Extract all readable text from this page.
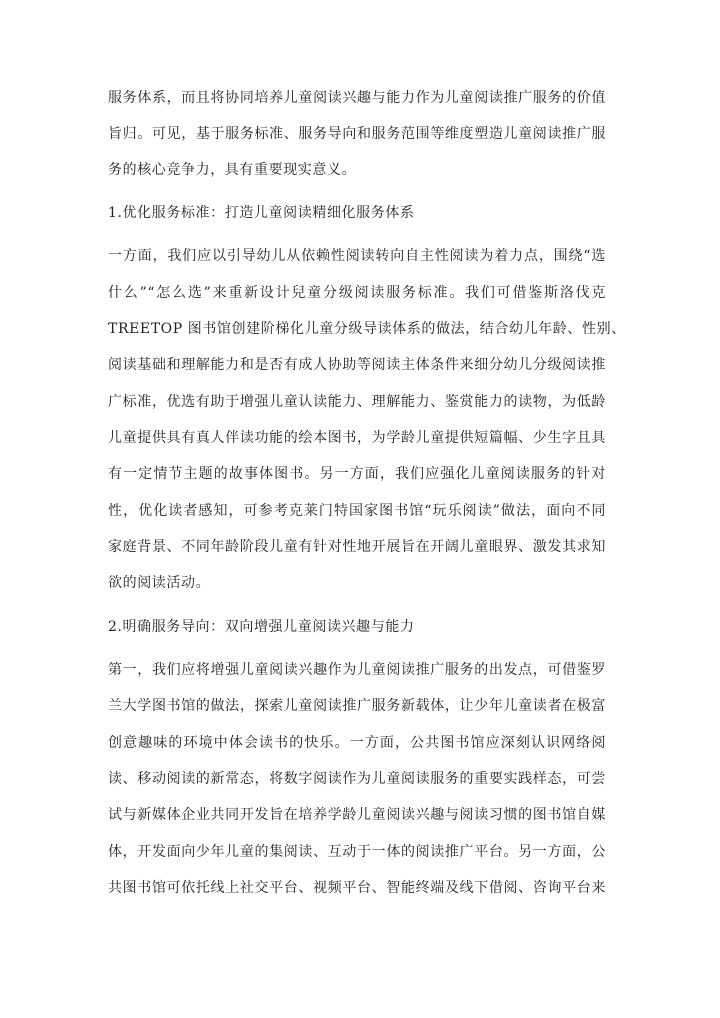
服务体系，而且将协同培养儿童阅读兴趣与能力作为儿童阅读推广服务的价值
旨归。可见，基于服务标准、服务导向和服务范围等维度塑造儿童阅读推广服
务的核心竞争力，具有重要现实意义。
1.优化服务标准：打造儿童阅读精细化服务体系
一方面，我们应以引导幼儿从依赖性阅读转向自主性阅读为着力点，围绕“选
什么”“怎么选”来重新设计兒童分级阅读服务标准。我们可借鉴斯洛伐克
TREETOP 图书馆创建阶梯化儿童分级导读体系的做法，结合幼儿年龄、性别、
阅读基础和理解能力和是否有成人协助等阅读主体条件来细分幼儿分级阅读推
广标准，优选有助于增强儿童认读能力、理解能力、鉴赏能力的读物，为低龄
儿童提供具有真人伴读功能的绘本图书，为学龄儿童提供短篇幅、少生字且具
有一定情节主题的故事体图书。另一方面，我们应强化儿童阅读服务的针对
性，优化读者感知，可参考克莱门特国家图书馆“玩乐阅读”做法，面向不同
家庭背景、不同年龄阶段儿童有针对性地开展旨在开阔儿童眼界、激发其求知
欲的阅读活动。
2.明确服务导向：双向增强儿童阅读兴趣与能力
第一，我们应将增强儿童阅读兴趣作为儿童阅读推广服务的出发点，可借鉴罗
兰大学图书馆的做法，探索儿童阅读推广服务新载体，让少年儿童读者在极富
创意趣味的环境中体会读书的快乐。一方面，公共图书馆应深刻认识网络阅
读、移动阅读的新常态，将数字阅读作为儿童阅读服务的重要实践样态，可尝
试与新媒体企业共同开发旨在培养学龄儿童阅读兴趣与阅读习惯的图书馆自媒
体，开发面向少年儿童的集阅读、互动于一体的阅读推广平台。另一方面，公
共图书馆可依托线上社交平台、视频平台、智能终端及线下借阅、咨询平台来
